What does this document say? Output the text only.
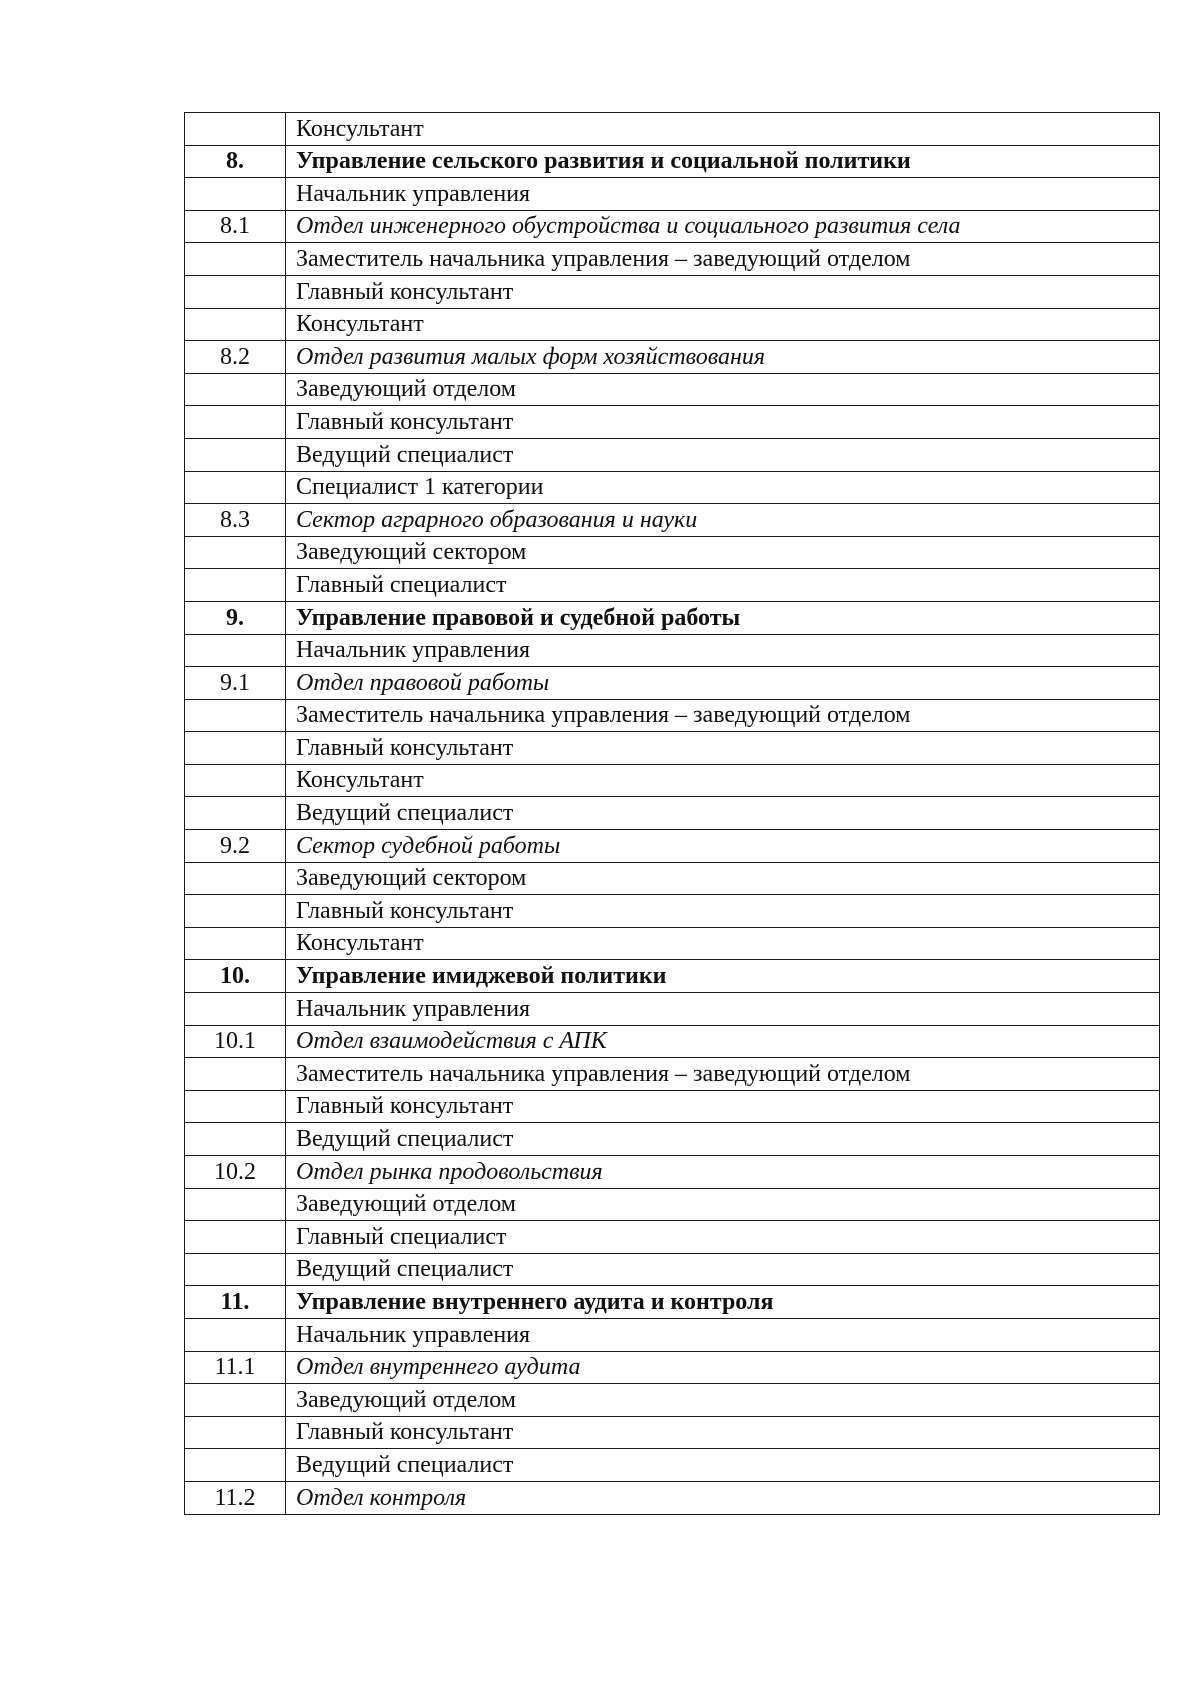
	Консультант
8.	Управление сельского развития и социальной политики
	Начальник управления
8.1	Отдел инженерного обустройства и социального развития села
	Заместитель начальника управления – заведующий отделом
	Главный консультант
	Консультант
8.2	Отдел развития малых форм хозяйствования
	Заведующий отделом
	Главный консультант
	Ведущий специалист
	Специалист 1 категории
8.3	Сектор аграрного образования и науки
	Заведующий сектором
	Главный специалист
9.	Управление правовой и судебной работы
	Начальник управления
9.1	Отдел правовой работы
	Заместитель начальника управления – заведующий отделом
	Главный консультант
	Консультант
	Ведущий специалист
9.2	Сектор судебной работы
	Заведующий сектором
	Главный консультант
	Консультант
10.	Управление имиджевой политики
	Начальник управления
10.1	Отдел взаимодействия с АПК
	Заместитель начальника управления – заведующий отделом
	Главный консультант
	Ведущий специалист
10.2	Отдел рынка продовольствия
	Заведующий отделом
	Главный специалист
	Ведущий специалист
11.	Управление внутреннего аудита и контроля
	Начальник управления
11.1	Отдел внутреннего аудита
	Заведующий отделом
	Главный консультант
	Ведущий специалист
11.2	Отдел контроля
